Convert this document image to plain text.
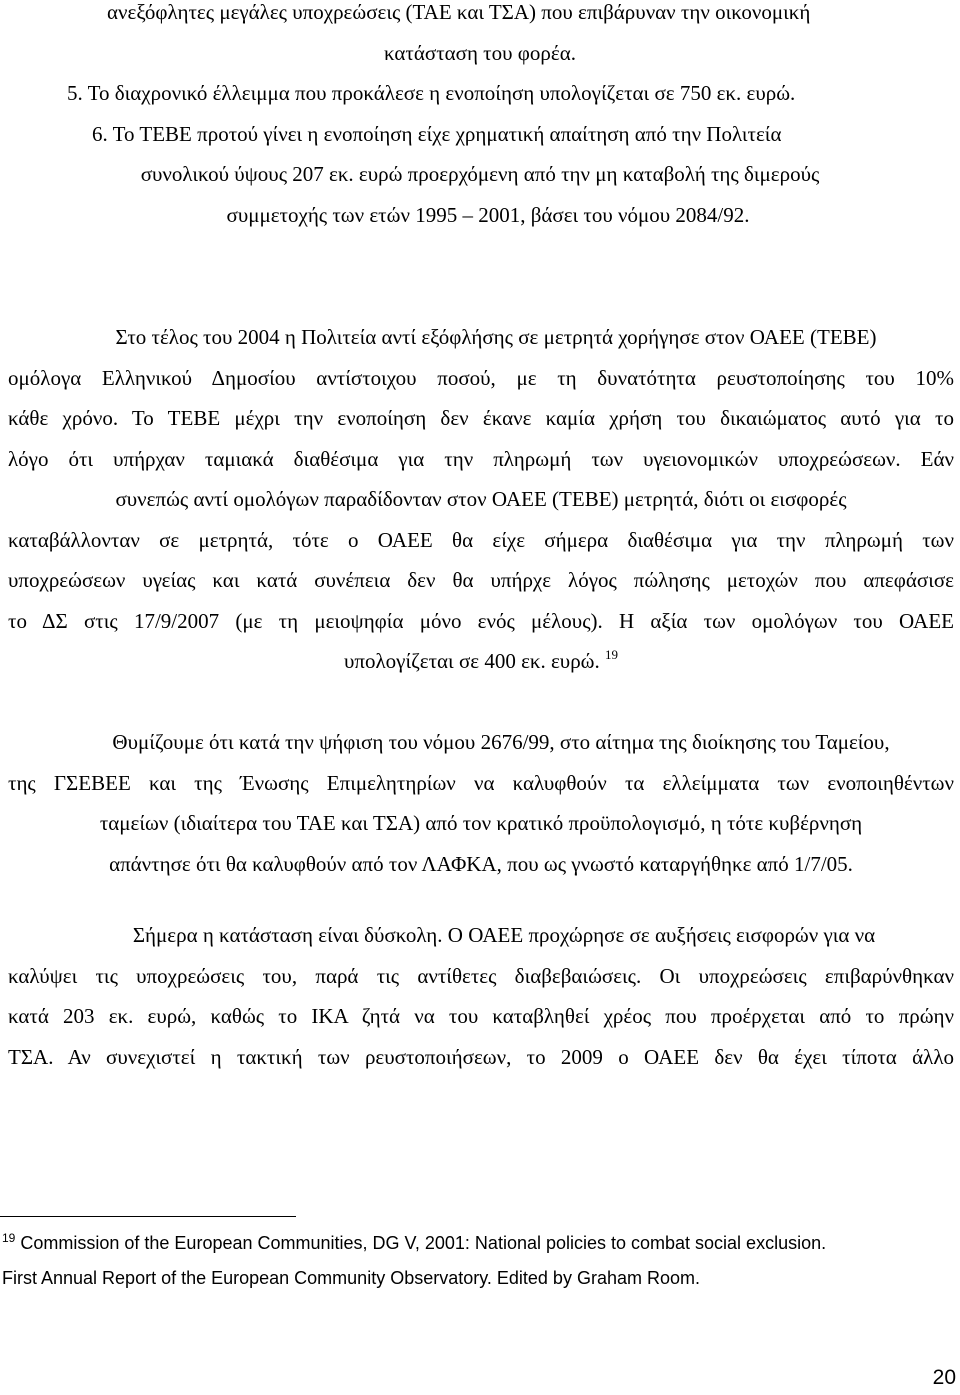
ανεξόφλητες μεγάλες υποχρεώσεις (ΤΑΕ και ΤΣΑ) που επιβάρυναν την οικονομική
κατάσταση του φορέα.
5. Το διαχρονικό έλλειμμα που προκάλεσε η ενοποίηση υπολογίζεται σε 750 εκ. ευρώ.
6. Το ΤΕΒΕ προτού γίνει η ενοποίηση είχε χρηματική απαίτηση από την Πολιτεία
συνολικού ύψους 207 εκ. ευρώ προερχόμενη από την μη καταβολή της διμερούς
συμμετοχής των ετών 1995 – 2001, βάσει του νόμου 2084/92.
Στο τέλος του 2004 η Πολιτεία αντί εξόφλήσης σε μετρητά χορήγησε στον ΟΑΕΕ (ΤΕΒΕ)
ομόλογα Ελληνικού Δημοσίου αντίστοιχου ποσού, με τη δυνατότητα ρευστοποίησης του 10%
κάθε χρόνο. Το ΤΕΒΕ μέχρι την ενοποίηση δεν έκανε καμία χρήση του δικαιώματος αυτό για το
λόγο ότι υπήρχαν ταμιακά διαθέσιμα για την πληρωμή των υγειονομικών υποχρεώσεων. Εάν
συνεπώς αντί ομολόγων παραδίδονταν στον ΟΑΕΕ (ΤΕΒΕ) μετρητά, διότι οι εισφορές
καταβάλλονταν σε μετρητά, τότε ο ΟΑΕΕ θα είχε σήμερα διαθέσιμα για την πληρωμή των
υποχρεώσεων υγείας και κατά συνέπεια δεν θα υπήρχε λόγος πώλησης μετοχών που απεφάσισε
το ΔΣ στις 17/9/2007 (με τη μειοψηφία μόνο ενός μέλους). Η αξία των ομολόγων του ΟΑΕΕ
υπολογίζεται σε 400 εκ. ευρώ. $^{19}$
Θυμίζουμε ότι κατά την ψήφιση του νόμου 2676/99, στο αίτημα της διοίκησης του Ταμείου,
της ΓΣΕΒΕΕ και της Ένωσης Επιμελητηρίων να καλυφθούν τα ελλείμματα των ενοποιηθέντων
ταμείων (ιδιαίτερα του ΤΑΕ και ΤΣΑ) από τον κρατικό προϋπολογισμό, η τότε κυβέρνηση
απάντησε ότι θα καλυφθούν από τον ΛΑΦΚΑ, που ως γνωστό καταργήθηκε από 1/7/05.
Σήμερα η κατάσταση είναι δύσκολη. Ο ΟΑΕΕ προχώρησε σε αυξήσεις εισφορών για να
καλύψει τις υποχρεώσεις του, παρά τις αντίθετες διαβεβαιώσεις. Οι υποχρεώσεις επιβαρύνθηκαν
κατά 203 εκ. ευρώ, καθώς το ΙΚΑ ζητά να του καταβληθεί χρέος που προέρχεται από το πρώην
ΤΣΑ. Αν συνεχιστεί η τακτική των ρευστοποιήσεων, το 2009 ο ΟΑΕΕ δεν θα έχει τίποτα άλλο
$^{19}$ Commission of the European Communities, DG V, 2001: National policies to combat social exclusion.
First Annual Report of the European Community Observatory. Edited by Graham Room.
20
